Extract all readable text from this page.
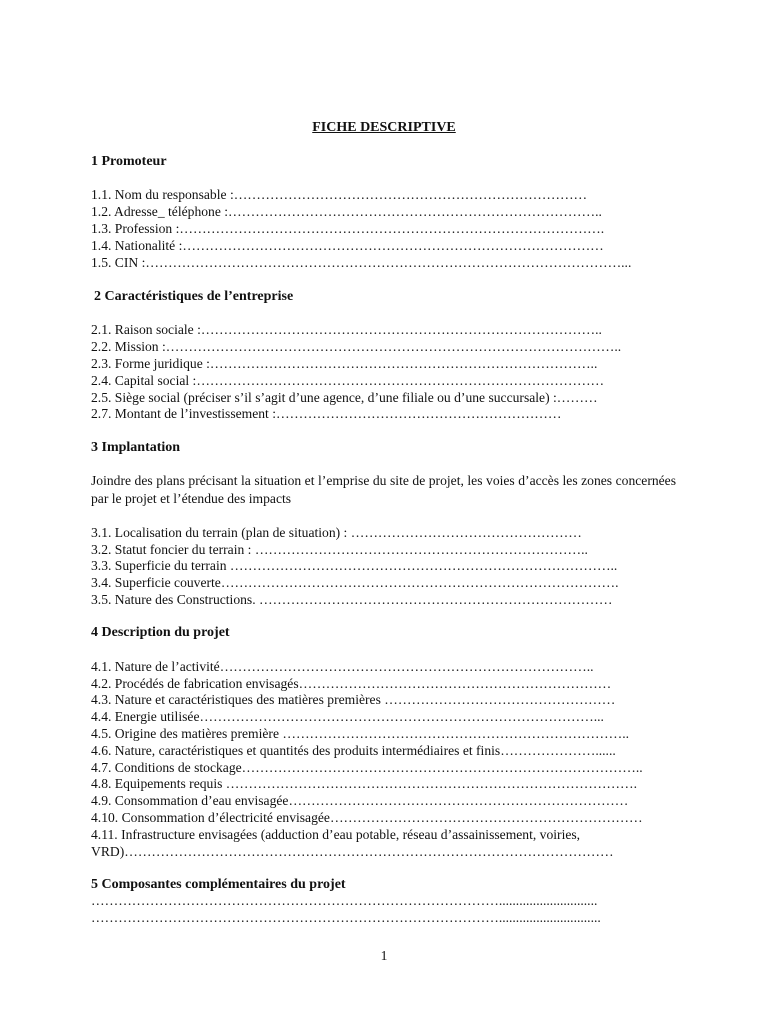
FICHE DESCRIPTIVE
1 Promoteur
1.1. Nom du responsable :……………………………………………………………………
1.2. Adresse_ téléphone :………………………………………………………………………..
1.3. Profession :………………………………………………………………………………….
1.4. Nationalité :…………………………………………………………………………………
1.5. CIN :……………………………………………………………………………………………...
2 Caractéristiques de l’entreprise
2.1. Raison sociale :……………………………………………………………………………..
2.2. Mission :………………………………………………………………………………………..
2.3. Forme juridique :…………………………………………………………………………..
2.4. Capital social :………………………………………………………………………………
2.5. Siège social (préciser s’il s’agit d’une agence, d’une filiale ou d’une succursale) :………
2.7. Montant de l’investissement :………………………………………………………
3 Implantation
Joindre des plans précisant la situation et l’emprise du site de projet, les voies d’accès les zones concernées par le projet et l’étendue des impacts
3.1. Localisation du terrain (plan de situation) : ……………………………………………
3.2. Statut foncier du terrain : ………………………………………………………………..
3.3. Superficie du terrain …………………………………………………………………………..
3.4. Superficie couverte…………………………………………………………………………….
3.5. Nature des Constructions. ……………………………………………………………………
4 Description du projet
4.1. Nature de l’activité………………………………………………………………………..
4.2. Procédés de fabrication envisagés……………………………………………………………
4.3. Nature et caractéristiques des matières premières ……………………………………………
4.4. Energie utilisée……………………………………………………………………………...
4.5. Origine des matières première …………………………………………………………………..
4.6. Nature, caractéristiques et quantités des produits intermédiaires et finis…………………......
4.7. Conditions de stockage……………………………………………………………………………..
4.8. Equipements requis ……………………………………………………………………………….
4.9. Consommation d’eau envisagée…………………………………………………………………
4.10. Consommation d’électricité envisagée……………………………………………………………
4.11. Infrastructure envisagées (adduction d’eau potable, réseau d’assainissement, voiries,
VRD)………………………………………………………………………………………………
5 Composantes complémentaires du projet
……………………………………………………………………………….............................
………………………………………………………………………………..............................
1
